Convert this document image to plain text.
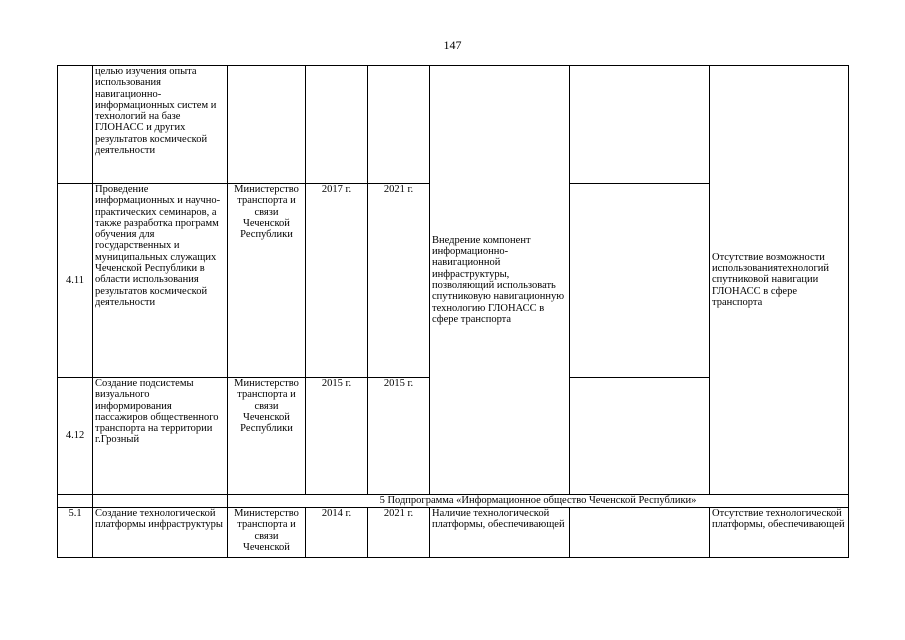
147
	целью изучения опыта использования навигационно-информационных систем и технологий на базе ГЛОНАСС и других результатов космической деятельности				Внедрение компонент информационно-навигационной инфраструктуры, позволяющий использовать спутниковую навигационную технологию ГЛОНАСС в сфере транспорта		Отсутствие возможности использованиятехнологий спутниковой навигации ГЛОНАСС в сфере транспорта
4.11	Проведение информационных и научно-практических семинаров, а также разработка программ обучения для государственных и муниципальных служащих Чеченской Республики в области использования результатов космической деятельности	Министерство транспорта и связи Чеченской Республики	2017 г.	2021 г.			
4.12	Создание подсистемы визуального информирования пассажиров общественного транспорта на территории г.Грозный	Министерство транспорта и связи Чеченской Республики	2015 г.	2015 г.			
		5 Подпрограмма «Информационное общество Чеченской Республики»					
5.1	Создание технологической платформы инфраструктуры	Министерство транспорта и связи Чеченской	2014 г.	2021 г.	Наличие технологической платформы, обеспечивающей		Отсутствие технологической платформы, обеспечивающей
